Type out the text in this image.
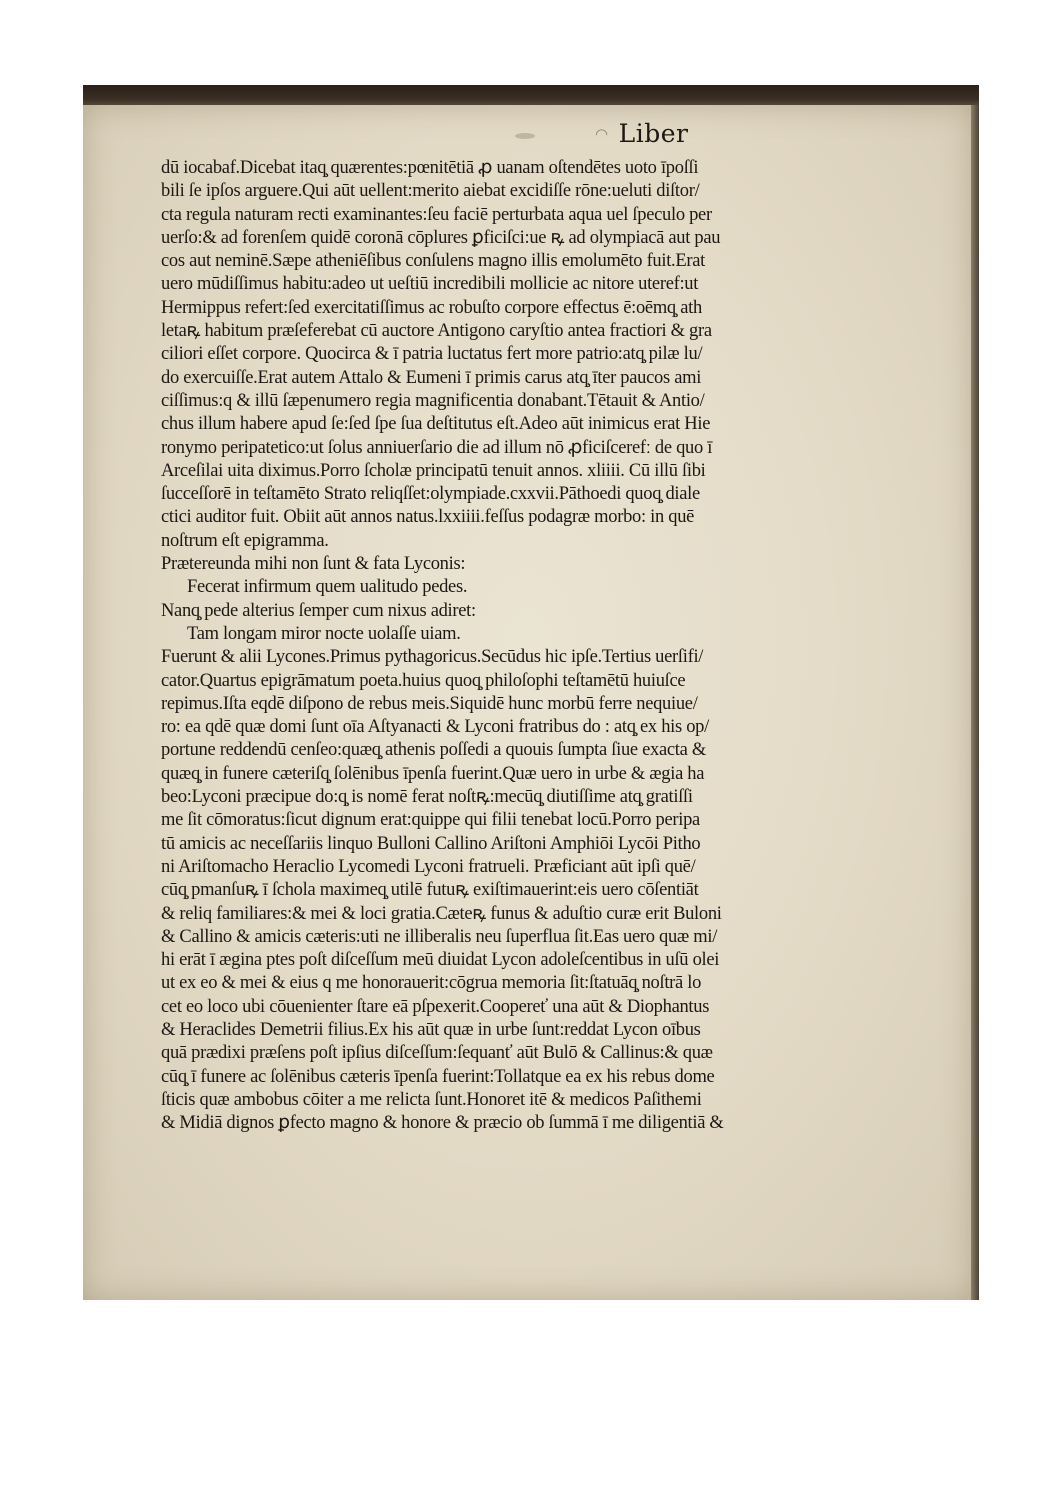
◠ Liber
dū iocabaf.Dicebat itaq̧ quærentes:pœnitētiā ꝓ uanam oſtendētes uoto īpoſſi
bili ſe ipſos arguere.Qui aūt uellent:merito aiebat excidiſſe rōne:ueluti diſtor/
cta regula naturam recti examinantes:ſeu faciē perturbata aqua uel ſpeculo per
uerſo:& ad forenſem quidē coronā cōplures ꝑficiſci:ue ꝶ ad olympiacā aut pau
cos aut neminē.Sæpe atheniēſibus conſulens magno illis emolumēto fuit.Erat
uero mūdiſſimus habitu:adeo ut ueſtiū incredibili mollicie ac nitore uteref:ut
Hermippus refert:ſed exercitatiſſimus ac robuſto corpore effectus ē:oēmq̧ ath
letaꝶ habitum præſeferebat cū auctore Antigono caryſtio antea fractiori & gra
ciliori eſſet corpore. Quocirca & ī patria luctatus fert more patrio:atq̧ pilæ lu/
do exercuiſſe.Erat autem Attalo & Eumeni ī primis carus atq̧ īter paucos ami
ciſſimus:q & illū ſæpenumero regia magnificentia donabant.Tētauit & Antio/
chus illum habere apud ſe:ſed ſpe ſua deſtitutus eſt.Adeo aūt inimicus erat Hie
ronymo peripatetico:ut ſolus anniuerſario die ad illum nō ꝓficiſcerefː de quo ī
Arceſilai uita diximus.Porro ſcholæ principatū tenuit annos. xliiii. Cū illū ſibi
ſucceſſorē in teſtamēto Strato reliqſſet:olympiade.cxxvii.Pāthoedi quoq̧ diale
ctici auditor fuit. Obiit aūt annos natus.lxxiiii.feſſus podagræ morbo: in quē
noſtrum eſt epigramma.
Prætereunda mihi non ſunt & fata Lyconis:
Fecerat infirmum quem ualitudo pedes.
Nanq̧ pede alterius ſemper cum nixus adiret:
Tam longam miror nocte uolaſſe uiam.
Fuerunt & alii Lycones.Primus pythagoricus.Secūdus hic ipſe.Tertius uerſifi/
cator.Quartus epigrāmatum poeta.huius quoq̧ philoſophi teſtamētū huiuſce
repimus.Iſta eqdē diſpono de rebus meis.Siquidē hunc morbū ferre nequiue/
ro: ea qdē quæ domi ſunt oīa Aſtyanacti & Lyconi fratribus do : atq̧ ex his op/
portune reddendū cenſeo:quæq̧ athenis poſſedi a quouis ſumpta ſiue exacta &
quæq̧ in funere cæteriſq̧ ſolēnibus īpenſa fuerint.Quæ uero in urbe & ægia ha
beo:Lyconi præcipue do:q̧ is nomē ferat noſtꝶ:mecūq̧ diutiſſime atq̧ gratiſſi
me ſit cōmoratus:ſicut dignum erat:quippe qui filii tenebat locū.Porro peripa
tū amicis ac neceſſariis linquo Bulloni Callino Ariſtoni Amphiōi Lycōi Pitho
ni Ariſtomacho Heraclio Lycomedi Lyconi fratrueli. Præficiant aūt ipſi quē/
cūq̧ pmanſuꝶ ī ſchola maximeq̧ utilē futuꝶ exiſtimauerint:eis uero cōſentiāt
& reliq familiares:& mei & loci gratia.Cæteꝶ funus & aduſtio curæ erit Buloni
& Callino & amicis cæteris:uti ne illiberalis neu ſuperflua ſit.Eas uero quæ mi/
hi erāt ī ægina ptes poſt diſceſſum meū diuidat Lycon adoleſcentibus in uſū olei
ut ex eo & mei & eius q me honorauerit:cōgrua memoria ſit:ſtatuāq̧ noſtrā lo
cet eo loco ubi cōuenienter ſtare eā pſpexerit.Coopereť una aūt & Diophantus
& Heraclides Demetrii filius.Ex his aūt quæ in urbe ſunt:reddat Lycon oībus
quā prædixi præſens poſt ipſius diſceſſum:ſequanť aūt Bulō & Callinus:& quæ
cūq̧ ī funere ac ſolēnibus cæteris īpenſa fuerint:Tollatque ea ex his rebus dome
ſticis quæ ambobus cōiter a me relicta ſunt.Honoret itē & medicos Paſithemi
& Midiā dignos ꝑfecto magno & honore & præcio ob ſummā ī me diligentiā &
